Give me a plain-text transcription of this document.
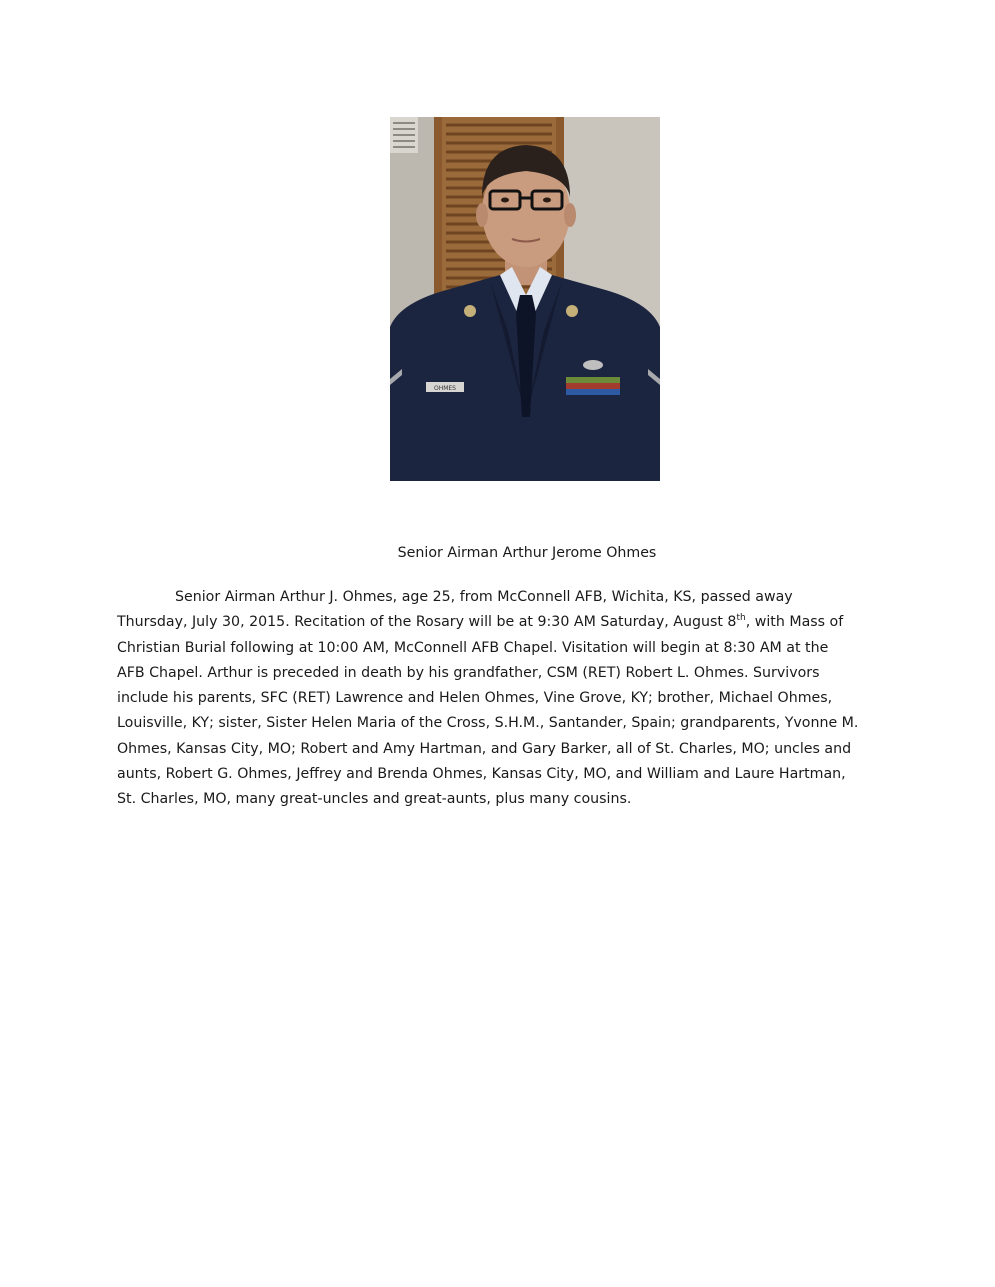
OHMES
Senior Airman Arthur Jerome Ohmes
Senior Airman Arthur J. Ohmes, age 25, from McConnell AFB, Wichita, KS, passed away
Thursday, July 30, 2015. Recitation of the Rosary will be at 9:30 AM Saturday, August 8th, with Mass of
Christian Burial following at 10:00 AM, McConnell AFB Chapel. Visitation will begin at 8:30 AM at the
AFB Chapel. Arthur is preceded in death by his grandfather, CSM (RET) Robert L. Ohmes. Survivors
include his parents, SFC (RET) Lawrence and Helen Ohmes, Vine Grove, KY; brother, Michael Ohmes,
Louisville, KY; sister, Sister Helen Maria of the Cross, S.H.M., Santander, Spain; grandparents, Yvonne M.
Ohmes, Kansas City, MO; Robert and Amy Hartman, and Gary Barker, all of St. Charles, MO; uncles and
aunts, Robert G. Ohmes, Jeffrey and Brenda Ohmes, Kansas City, MO, and William and Laure Hartman,
St. Charles, MO, many great-uncles and great-aunts, plus many cousins.
